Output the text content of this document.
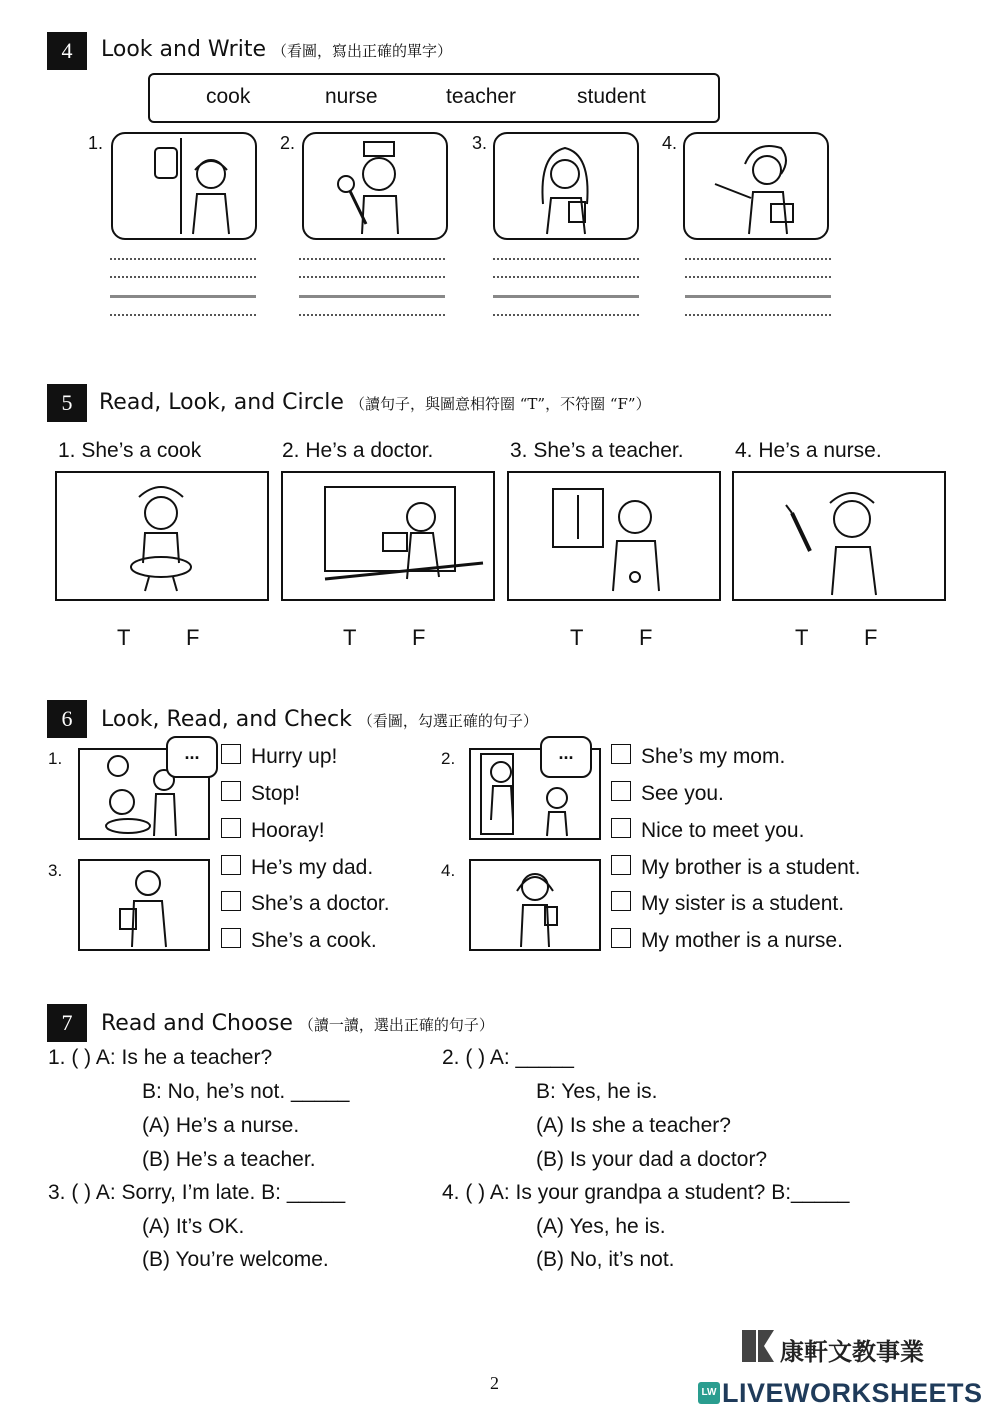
4	Look and Write （看圖，寫出正確的單字）
cook	nurse	teacher	student
1.	2.	3.	4.
5	Read, Look, and Circle （讀句子，與圖意相符圈 “T”，不符圈 “F”）
1. She’s a cook	2. He’s a doctor.	3. She’s a teacher. 4. He’s a nurse.
T	F	T	F	T	F	T	F
6	Look, Read, and Check （看圖，勾選正確的句子）
1.	...	Hurry up!
Stop!
Hooray!
2.	...	She’s my mom.
See you.
Nice to meet you.
3.	He’s my dad.
She’s a doctor.
She’s a cook.
4.	My brother is a student.
My sister is a student.
My mother is a nurse.
7	Read and Choose （讀一讀，選出正確的句子）
1. ( ) A: Is he a teacher?
B: No, he’s not. _____
(A) He’s a nurse.
(B) He’s a teacher.
2. ( ) A: _____
B: Yes, he is.
(A) Is she a teacher?
(B) Is your dad a doctor?
3. ( ) A: Sorry, I’m late. B: _____
(A) It’s OK.
(B) You’re welcome.
4. ( ) A: Is your grandpa a student? B:_____
(A) Yes, he is.
(B) No, it’s not.
康軒文教事業
2	LW LIVEWORKSHEETS
